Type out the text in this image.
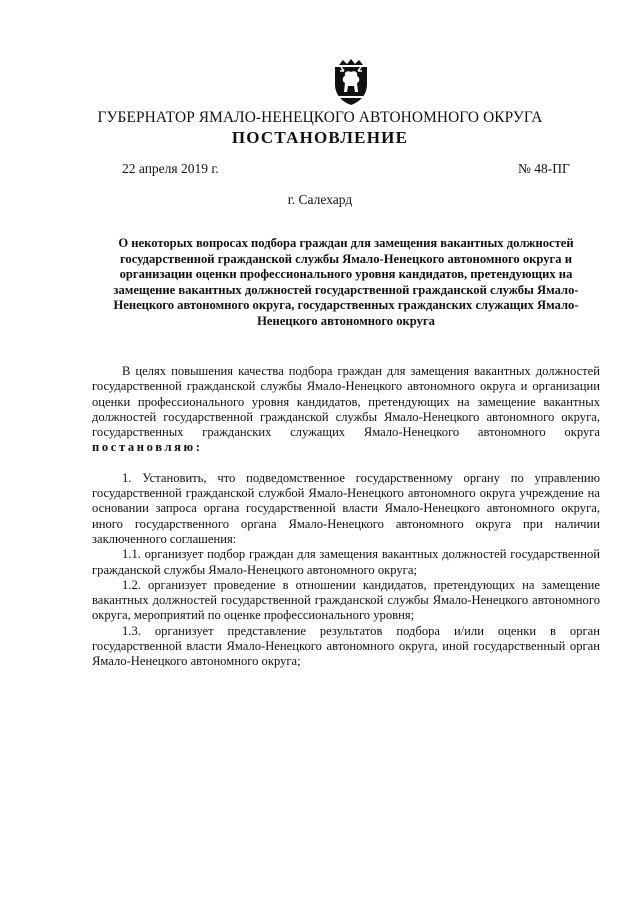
ГУБЕРНАТОР ЯМАЛО-НЕНЕЦКОГО АВТОНОМНОГО ОКРУГА
ПОСТАНОВЛЕНИЕ
22 апреля 2019 г.	№ 48-ПГ
г. Салехард
О некоторых вопросах подбора граждан для замещения вакантных должностей государственной гражданской службы Ямало-Ненецкого автономного округа и организации оценки профессионального уровня кандидатов, претендующих на замещение вакантных должностей государственной гражданской службы Ямало-Ненецкого автономного округа, государственных гражданских служащих Ямало-Ненецкого автономного округа

В целях повышения качества подбора граждан для замещения вакантных должностей государственной гражданской службы Ямало-Ненецкого автономного округа и организации оценки профессионального уровня кандидатов, претендующих на замещение вакантных должностей государственной гражданской службы Ямало-Ненецкого автономного округа, государственных гражданских служащих Ямало-Ненецкого автономного округа постановляю:

1. Установить, что подведомственное государственному органу по управлению государственной гражданской службой Ямало-Ненецкого автономного округа учреждение на основании запроса органа государственной власти Ямало-Ненецкого автономного округа, иного государственного органа Ямало-Ненецкого автономного округа при наличии заключенного соглашения:

1.1. организует подбор граждан для замещения вакантных должностей государственной гражданской службы Ямало-Ненецкого автономного округа;

1.2. организует проведение в отношении кандидатов, претендующих на замещение вакантных должностей государственной гражданской службы Ямало-Ненецкого автономного округа, мероприятий по оценке профессионального уровня;

1.3. организует представление результатов подбора и/или оценки в орган государственной власти Ямало-Ненецкого автономного округа, иной государственный орган Ямало-Ненецкого автономного округа;
